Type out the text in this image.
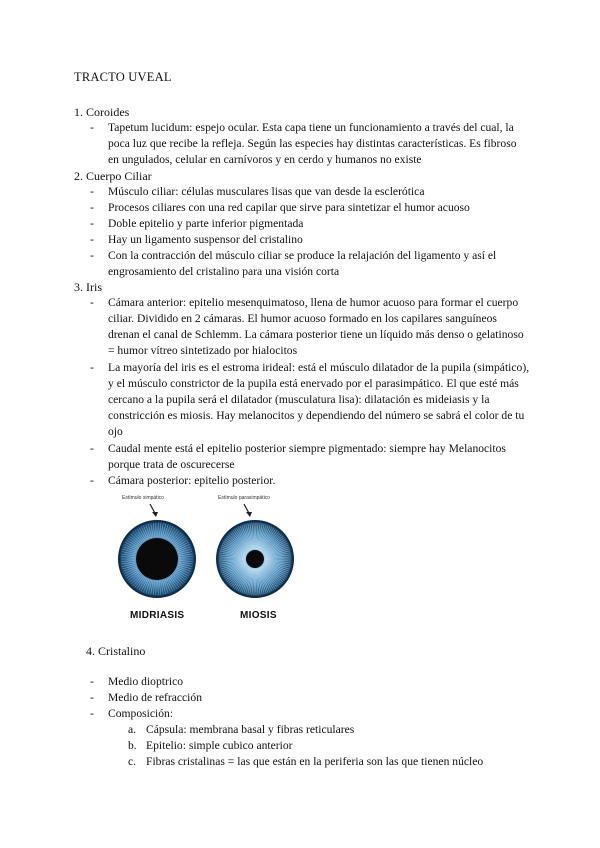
TRACTO UVEAL
1. Coroides
- Tapetum lucidum: espejo ocular. Esta capa tiene un funcionamiento a través del cual, la poca luz que recibe la refleja. Según las especies hay distintas características. Es fibroso en ungulados, celular en carnívoros y en cerdo y humanos no existe
2. Cuerpo Ciliar
- Músculo ciliar: células musculares lisas que van desde la esclerótica
- Procesos ciliares con una red capilar que sirve para sintetizar el humor acuoso
- Doble epitelio y parte inferior pigmentada
- Hay un ligamento suspensor del cristalino
- Con la contracción del músculo ciliar se produce la relajación del ligamento y así el engrosamiento del cristalino para una visión corta
3. Iris
- Cámara anterior: epitelio mesenquimatoso, llena de humor acuoso para formar el cuerpo ciliar. Dividido en 2 cámaras. El humor acuoso formado en los capilares sanguíneos drenan el canal de Schlemm. La cámara posterior tiene un líquido más denso o gelatinoso = humor vítreo sintetizado por hialocitos
- La mayoría del iris es el estroma irideal: está el músculo dilatador de la pupila (simpático), y el músculo constrictor de la pupila está enervado por el parasimpático. El que esté más cercano a la pupila será el dilatador (musculatura lisa): dilatación es mideiasis y la constricción es miosis. Hay melanocitos y dependiendo del número se sabrá el color de tu ojo
- Caudal mente está el epitelio posterior siempre pigmentado: siempre hay Melanocitos porque trata de oscurecerse
- Cámara posterior: epitelio posterior.
Estímulo simpático	Estímulo parasimpático
MIDRIASIS	MIOSIS
4. Cristalino
- Medio dioptrico
- Medio de refracción
- Composición:
a. Cápsula: membrana basal y fibras reticulares
b. Epitelio: simple cubico anterior
c. Fibras cristalinas = las que están en la periferia son las que tienen núcleo
